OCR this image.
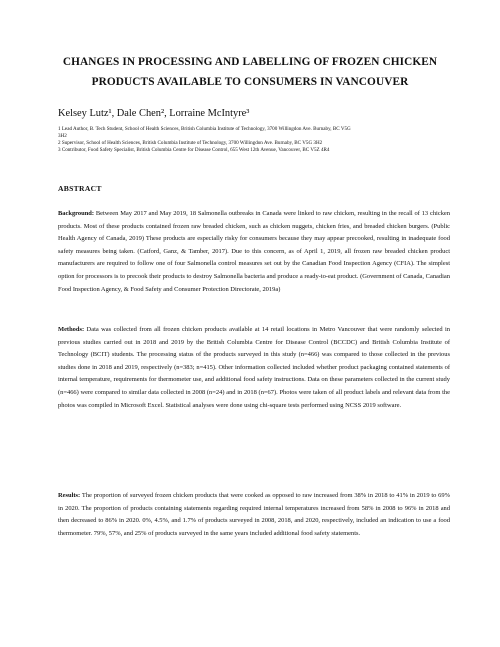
CHANGES IN PROCESSING AND LABELLING OF FROZEN CHICKEN PRODUCTS AVAILABLE TO CONSUMERS IN VANCOUVER
Kelsey Lutz¹, Dale Chen², Lorraine McIntyre³
1 Lead Author, B. Tech Student, School of Health Sciences, British Columbia Institute of Technology, 3700 Willingdon Ave. Burnaby, BC V5G 3H2
2 Supervisor, School of Health Sciences, British Columbia Institute of Technology, 3700 Willingdon Ave. Burnaby, BC V5G 3H2
3 Contributor, Food Safety Specialist, British Columbia Centre for Disease Control, 655 West 12th Avenue, Vancouver, BC V5Z 4R4
ABSTRACT
Background: Between May 2017 and May 2019, 18 Salmonella outbreaks in Canada were linked to raw chicken, resulting in the recall of 13 chicken products. Most of these products contained frozen raw breaded chicken, such as chicken nuggets, chicken fries, and breaded chicken burgers. (Public Health Agency of Canada, 2019) These products are especially risky for consumers because they may appear precooked, resulting in inadequate food safety measures being taken. (Catford, Ganz, & Tamber, 2017). Due to this concern, as of April 1, 2019, all frozen raw breaded chicken product manufacturers are required to follow one of four Salmonella control measures set out by the Canadian Food Inspection Agency (CFIA). The simplest option for processors is to precook their products to destroy Salmonella bacteria and produce a ready-to-eat product. (Government of Canada, Canadian Food Inspection Agency, & Food Safety and Consumer Protection Directorate, 2019a)
Methods: Data was collected from all frozen chicken products available at 14 retail locations in Metro Vancouver that were randomly selected in previous studies carried out in 2018 and 2019 by the British Columbia Centre for Disease Control (BCCDC) and British Columbia Institute of Technology (BCIT) students. The processing status of the products surveyed in this study (n=466) was compared to those collected in the previous studies done in 2018 and 2019, respectively (n=383; n=415). Other information collected included whether product packaging contained statements of internal temperature, requirements for thermometer use, and additional food safety instructions. Data on these parameters collected in the current study (n=466) were compared to similar data collected in 2008 (n=24) and in 2018 (n=67). Photos were taken of all product labels and relevant data from the photos was compiled in Microsoft Excel. Statistical analyses were done using chi-square tests performed using NCSS 2019 software.
Results: The proportion of surveyed frozen chicken products that were cooked as opposed to raw increased from 38% in 2018 to 41% in 2019 to 69% in 2020. The proportion of products containing statements regarding required internal temperatures increased from 58% in 2008 to 96% in 2018 and then decreased to 86% in 2020. 0%, 4.5%, and 1.7% of products surveyed in 2008, 2018, and 2020, respectively, included an indication to use a food thermometer. 79%, 57%, and 25% of products surveyed in the same years included additional food safety statements.
